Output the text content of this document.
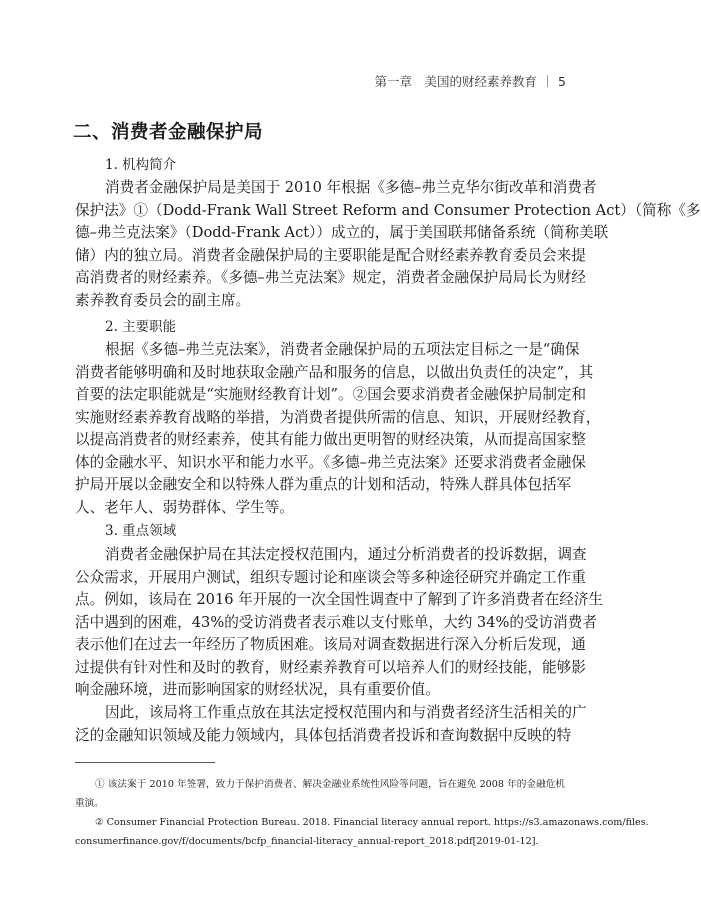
第一章　美国的财经素养教育 5
二、消费者金融保护局
1. 机构简介
消费者金融保护局是美国于 2010 年根据《多德–弗兰克华尔街改革和消费者
保护法》①（Dodd-Frank Wall Street Reform and Consumer Protection Act）（简称《多
德–弗兰克法案》（Dodd-Frank Act））成立的，属于美国联邦储备系统（简称美联
储）内的独立局。消费者金融保护局的主要职能是配合财经素养教育委员会来提
高消费者的财经素养。《多德–弗兰克法案》规定，消费者金融保护局局长为财经
素养教育委员会的副主席。
2. 主要职能
根据《多德–弗兰克法案》，消费者金融保护局的五项法定目标之一是“确保
消费者能够明确和及时地获取金融产品和服务的信息，以做出负责任的决定”，其
首要的法定职能就是“实施财经教育计划”。②国会要求消费者金融保护局制定和
实施财经素养教育战略的举措，为消费者提供所需的信息、知识，开展财经教育，
以提高消费者的财经素养，使其有能力做出更明智的财经决策，从而提高国家整
体的金融水平、知识水平和能力水平。《多德–弗兰克法案》还要求消费者金融保
护局开展以金融安全和以特殊人群为重点的计划和活动，特殊人群具体包括军
人、老年人、弱势群体、学生等。
3. 重点领域
消费者金融保护局在其法定授权范围内，通过分析消费者的投诉数据，调查
公众需求，开展用户测试，组织专题讨论和座谈会等多种途径研究并确定工作重
点。例如，该局在 2016 年开展的一次全国性调查中了解到了许多消费者在经济生
活中遇到的困难，43%的受访消费者表示难以支付账单，大约 34%的受访消费者
表示他们在过去一年经历了物质困难。该局对调查数据进行深入分析后发现，通
过提供有针对性和及时的教育，财经素养教育可以培养人们的财经技能，能够影
响金融环境，进而影响国家的财经状况，具有重要价值。
因此，该局将工作重点放在其法定授权范围内和与消费者经济生活相关的广
泛的金融知识领域及能力领域内，具体包括消费者投诉和查询数据中反映的特
① 该法案于 2010 年签署，致力于保护消费者、解决金融业系统性风险等问题，旨在避免 2008 年的金融危机
重演。
② Consumer Financial Protection Bureau. 2018. Financial literacy annual report. https://s3.amazonaws.com/files.
consumerfinance.gov/f/documents/bcfp_financial-literacy_annual-report_2018.pdf[2019-01-12].
